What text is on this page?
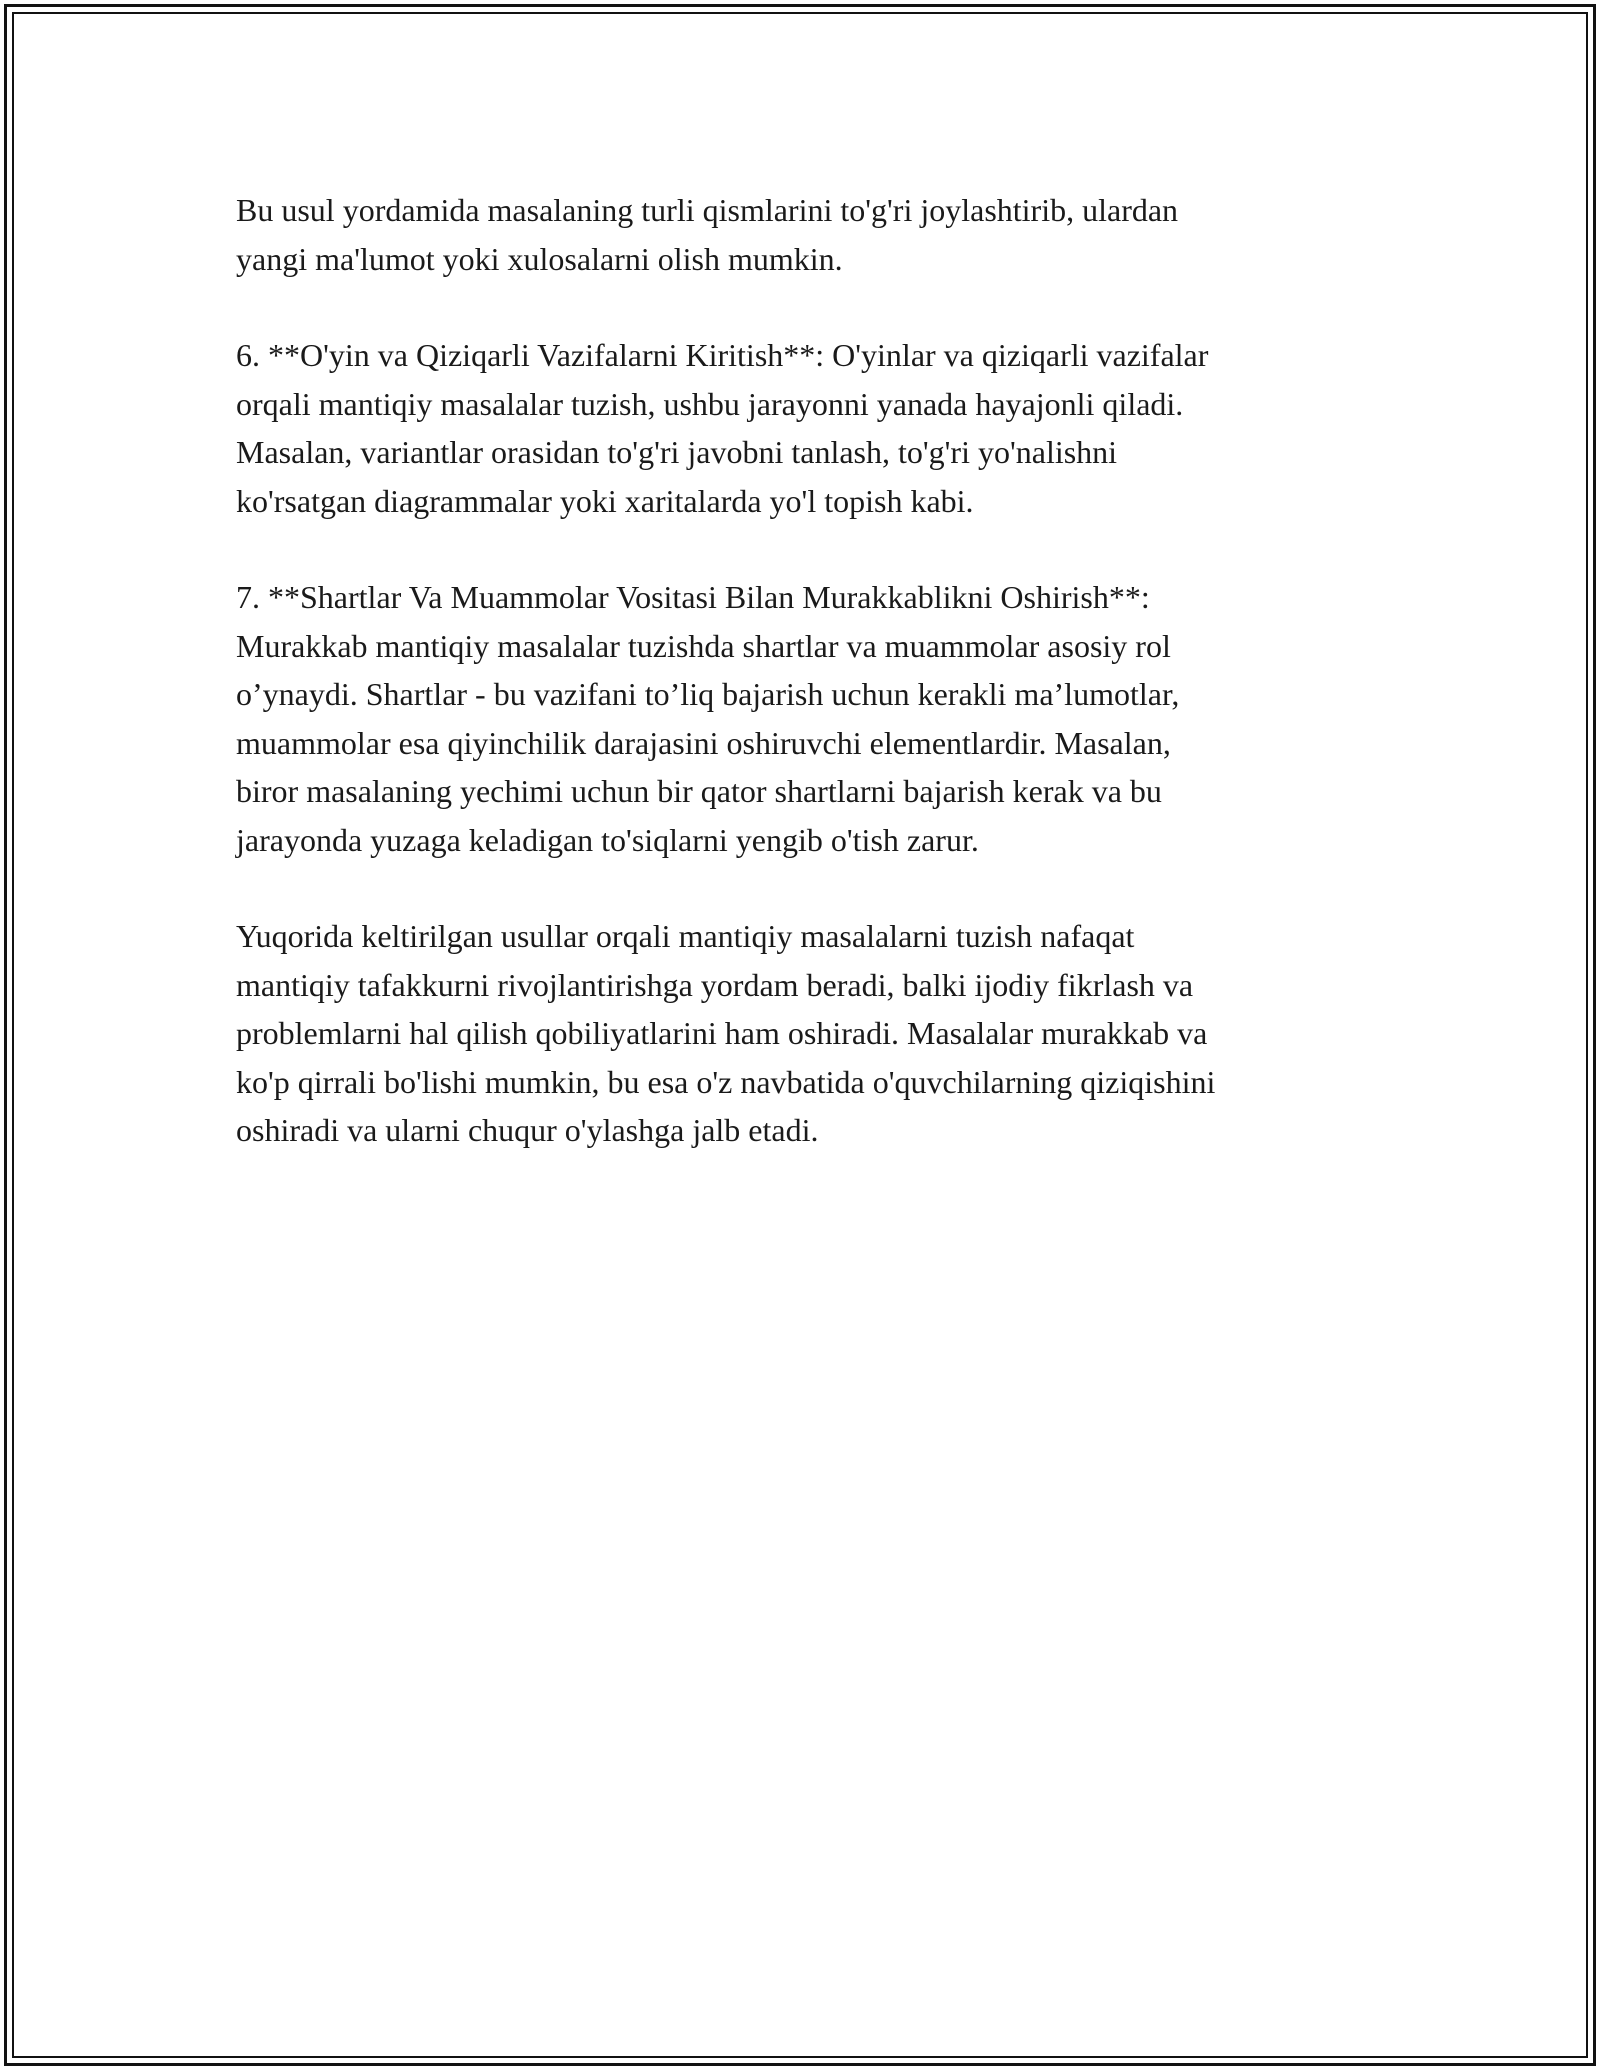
Bu usul yordamida masalaning turli qismlarini to'g'ri joylashtirib, ulardan
yangi ma'lumot yoki xulosalarni olish mumkin.

6. **O'yin va Qiziqarli Vazifalarni Kiritish**: O'yinlar va qiziqarli vazifalar
orqali mantiqiy masalalar tuzish, ushbu jarayonni yanada hayajonli qiladi.
Masalan, variantlar orasidan to'g'ri javobni tanlash, to'g'ri yo'nalishni
ko'rsatgan diagrammalar yoki xaritalarda yo'l topish kabi.

7. **Shartlar Va Muammolar Vositasi Bilan Murakkablikni Oshirish**:
Murakkab mantiqiy masalalar tuzishda shartlar va muammolar asosiy rol
o’ynaydi. Shartlar - bu vazifani to’liq bajarish uchun kerakli ma’lumotlar,
muammolar esa qiyinchilik darajasini oshiruvchi elementlardir. Masalan,
biror masalaning yechimi uchun bir qator shartlarni bajarish kerak va bu
jarayonda yuzaga keladigan to'siqlarni yengib o'tish zarur.

Yuqorida keltirilgan usullar orqali mantiqiy masalalarni tuzish nafaqat
mantiqiy tafakkurni rivojlantirishga yordam beradi, balki ijodiy fikrlash va
problemlarni hal qilish qobiliyatlarini ham oshiradi. Masalalar murakkab va
ko'p qirrali bo'lishi mumkin, bu esa o'z navbatida o'quvchilarning qiziqishini
oshiradi va ularni chuqur o'ylashga jalb etadi.
